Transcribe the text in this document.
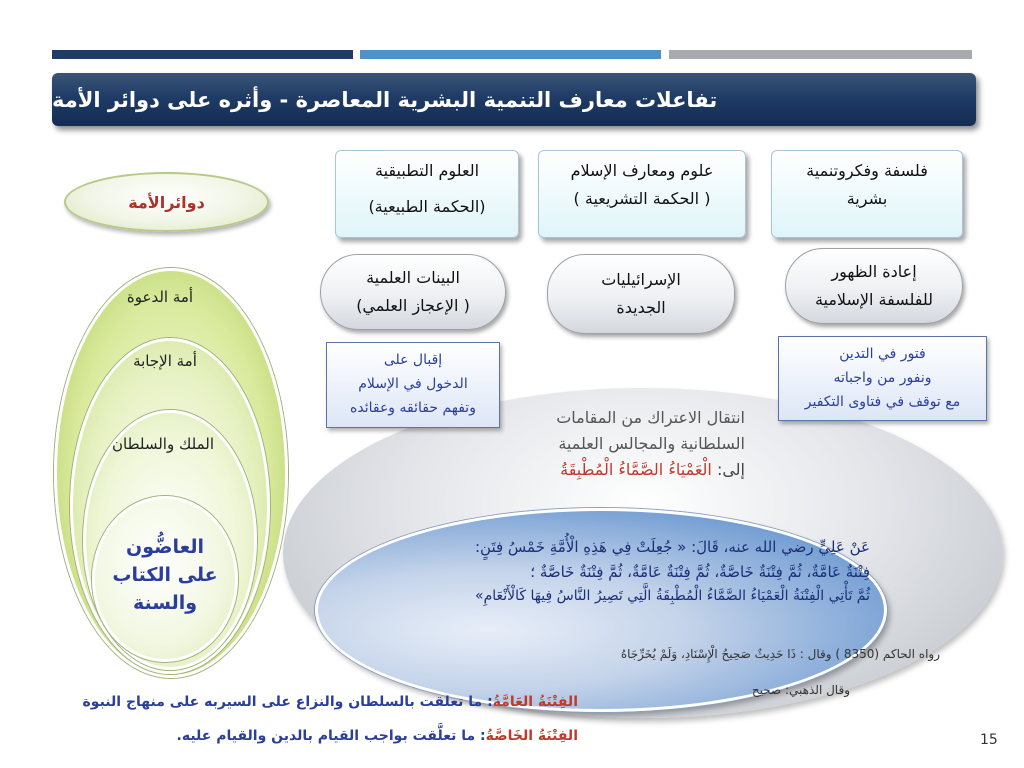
تفاعلات معارف التنمية البشرية المعاصرة - وأثره على دوائر الأمة
فلسفة وفكروتنمية
بشرية
علوم ومعارف الإسلام
( الحكمة التشريعية )
العلوم التطبيقية
(الحكمة الطبيعية)
إعادة الظهور
للفلسفة الإسلامية
الإسرائيليات
الجديدة
البينات العلمية
( الإعجاز العلمي)
فتور في التدين
ونفور من واجباته
مع توقف في فتاوى التكفير
إقبال على
الدخول في الإسلام
وتفهم حقائقه وعقائده	انتقال الاعتراك من المقامات
السلطانية والمجالس العلمية
إلى: الْعَمْيَاءُ الصَّمَّاءُ الْمُطْبِقَةُ
عَنْ عَلِيٍّ رضي الله عنه، قَالَ: « جُعِلَتْ فِي هَذِهِ الْأُمَّةِ خَمْسُ فِتَنٍ:
فِتْنَةٌ عَامَّةٌ، ثُمَّ فِتْنَةٌ خَاصَّةٌ، ثُمَّ فِتْنَةٌ عَامَّةٌ، ثُمَّ فِتْنَةٌ خَاصَّةٌ ؛
ثُمَّ تَأْتِي الْفِتْنَةُ الْعَمْيَاءُ الصَّمَّاءُ الْمُطْبِقَةُ الَّتِي تَصِيرُ النَّاسُ فِيهَا كَالْأَنْعَامِ»
رواه الحاكم (8350 ) وقال : ذَا حَدِيثٌ صَحِيحُ الْإِسْنَادِ، وَلَمْ يُخَرِّجَاهُ
وقال الذهبي: صحيح
دوائرالأمة
أمة الدعوة
أمة الإجابة
الملك والسلطان
العاضُّون
على الكتاب
والسنة
الفِتْنَةُ العَامَّةُ: ما تعلقت بالسلطان والنزاع على السيربه على منهاج النبوة
الفِتْنَةُ الخَاصَّةُ: ما تعلَّقت بواجب القيام بالدين والقيام عليه.	15
